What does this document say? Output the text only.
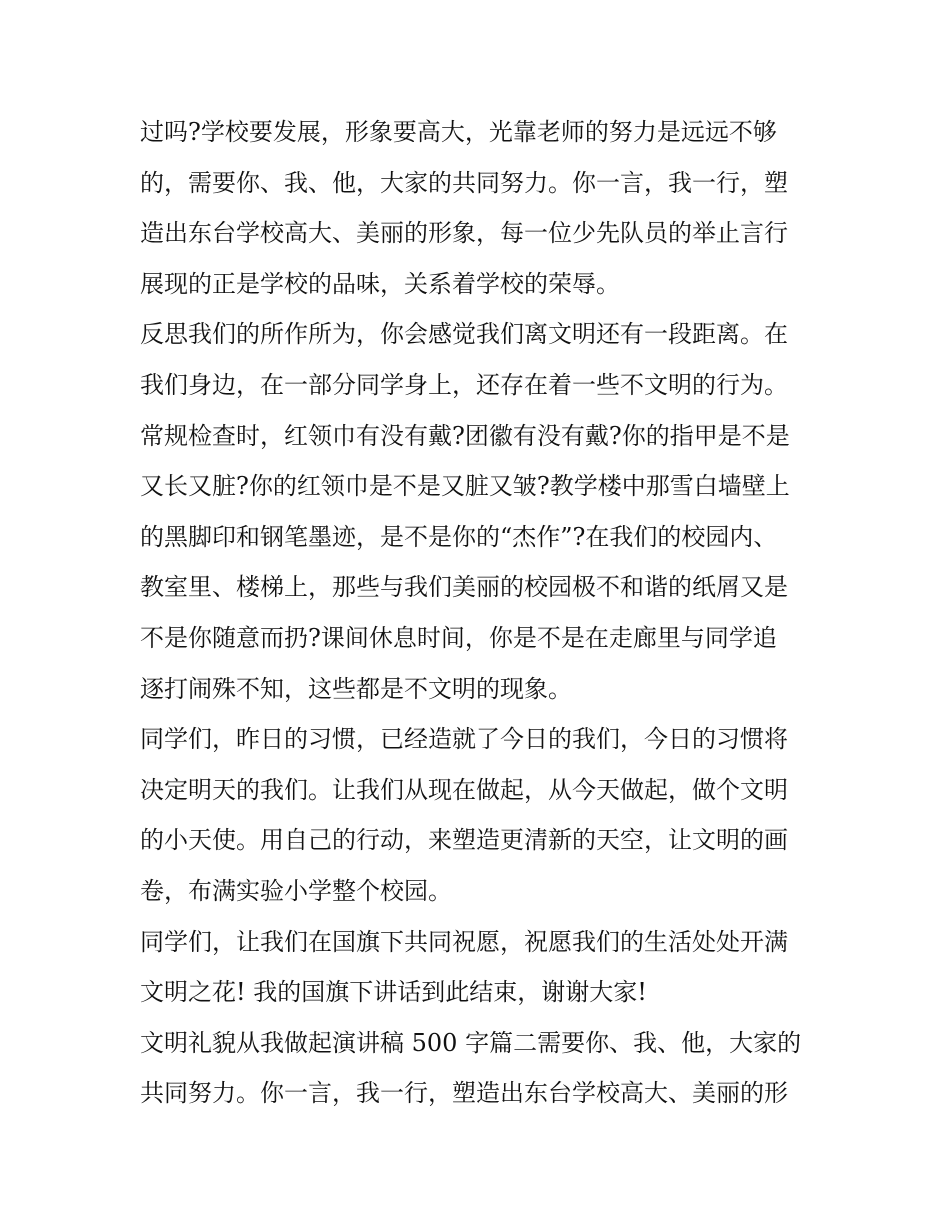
过吗?学校要发展，形象要高大，光靠老师的努力是远远不够
的，需要你、我、他，大家的共同努力。你一言，我一行，塑
造出东台学校高大、美丽的形象，每一位少先队员的举止言行
展现的正是学校的品味，关系着学校的荣辱。
反思我们的所作所为，你会感觉我们离文明还有一段距离。在
我们身边，在一部分同学身上，还存在着一些不文明的行为。
常规检查时，红领巾有没有戴?团徽有没有戴?你的指甲是不是
又长又脏?你的红领巾是不是又脏又皱?教学楼中那雪白墙壁上
的黑脚印和钢笔墨迹，是不是你的“杰作”?在我们的校园内、
教室里、楼梯上，那些与我们美丽的校园极不和谐的纸屑又是
不是你随意而扔?课间休息时间，你是不是在走廊里与同学追
逐打闹殊不知，这些都是不文明的现象。
同学们，昨日的习惯，已经造就了今日的我们，今日的习惯将
决定明天的我们。让我们从现在做起，从今天做起，做个文明
的小天使。用自己的行动，来塑造更清新的天空，让文明的画
卷，布满实验小学整个校园。
同学们，让我们在国旗下共同祝愿，祝愿我们的生活处处开满
文明之花! 我的国旗下讲话到此结束，谢谢大家!
文明礼貌从我做起演讲稿 500 字篇二需要你、我、他，大家的
共同努力。你一言，我一行，塑造出东台学校高大、美丽的形
